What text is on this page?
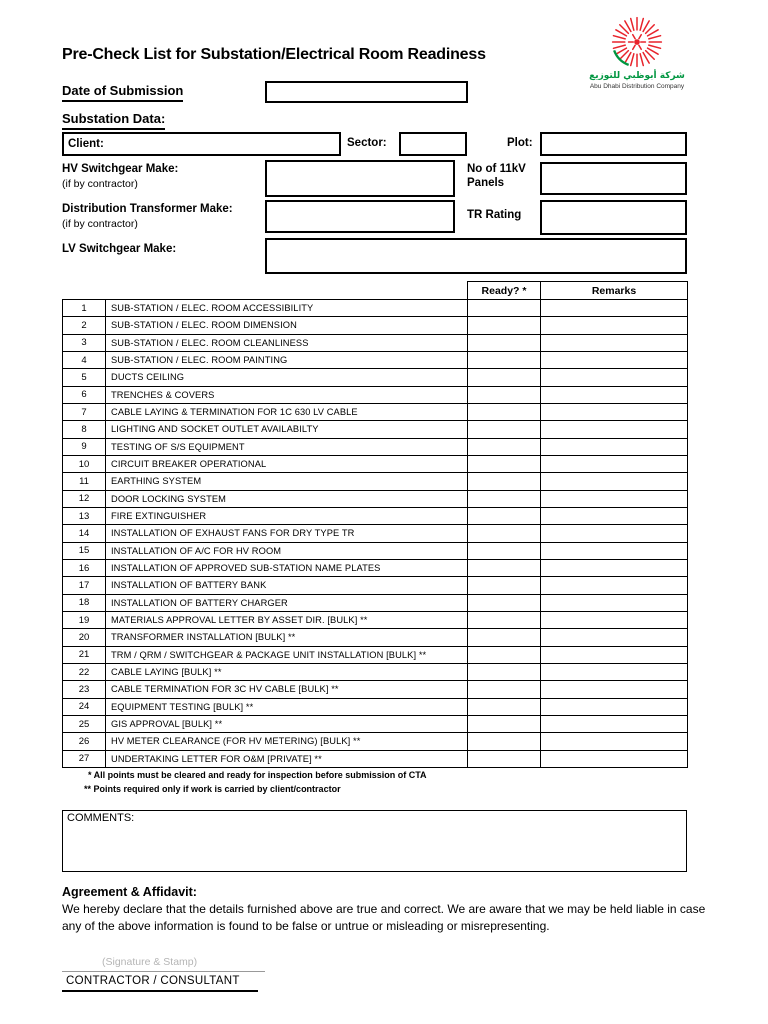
Pre-Check List for Substation/Electrical Room Readiness
شركة أبوظبي للتوزيع
Abu Dhabi Distribution Company
Date of Submission
Substation Data:
Client:	Sector:	Plot:
HV Switchgear Make:
(if by contractor)
No of 11kV Panels
Distribution Transformer Make:
(if by contractor)
TR Rating
LV Switchgear Make:
		Ready? *	Remarks
1	SUB-STATION / ELEC. ROOM ACCESSIBILITY		
2	SUB-STATION / ELEC. ROOM DIMENSION		
3	SUB-STATION / ELEC. ROOM CLEANLINESS		
4	SUB-STATION / ELEC. ROOM PAINTING		
5	DUCTS CEILING		
6	TRENCHES & COVERS		
7	CABLE LAYING & TERMINATION FOR 1C 630 LV CABLE		
8	LIGHTING AND SOCKET OUTLET AVAILABILTY		
9	TESTING OF S/S EQUIPMENT		
10	CIRCUIT BREAKER OPERATIONAL		
11	EARTHING SYSTEM		
12	DOOR LOCKING SYSTEM		
13	FIRE EXTINGUISHER		
14	INSTALLATION OF EXHAUST FANS FOR DRY TYPE TR		
15	INSTALLATION OF A/C FOR HV ROOM		
16	INSTALLATION OF APPROVED SUB-STATION NAME PLATES		
17	INSTALLATION OF BATTERY BANK		
18	INSTALLATION OF BATTERY CHARGER		
19	MATERIALS APPROVAL LETTER BY ASSET DIR. [BULK] **		
20	TRANSFORMER INSTALLATION [BULK] **		
21	TRM / QRM / SWITCHGEAR & PACKAGE UNIT INSTALLATION [BULK] **		
22	CABLE LAYING [BULK] **		
23	CABLE TERMINATION FOR 3C HV CABLE [BULK] **		
24	EQUIPMENT TESTING [BULK] **		
25	GIS APPROVAL [BULK] **		
26	HV METER CLEARANCE (FOR HV METERING) [BULK] **		
27	UNDERTAKING LETTER FOR O&M [PRIVATE] **		
* All points must be cleared and ready for inspection before submission of CTA
** Points required only if work is carried by client/contractor
COMMENTS:
Agreement & Affidavit:
We hereby declare that the details furnished above are true and correct. We are aware that we may be held liable in case any of the above information is found to be false or untrue or misleading or misrepresenting.
(Signature & Stamp)
CONTRACTOR / CONSULTANT
